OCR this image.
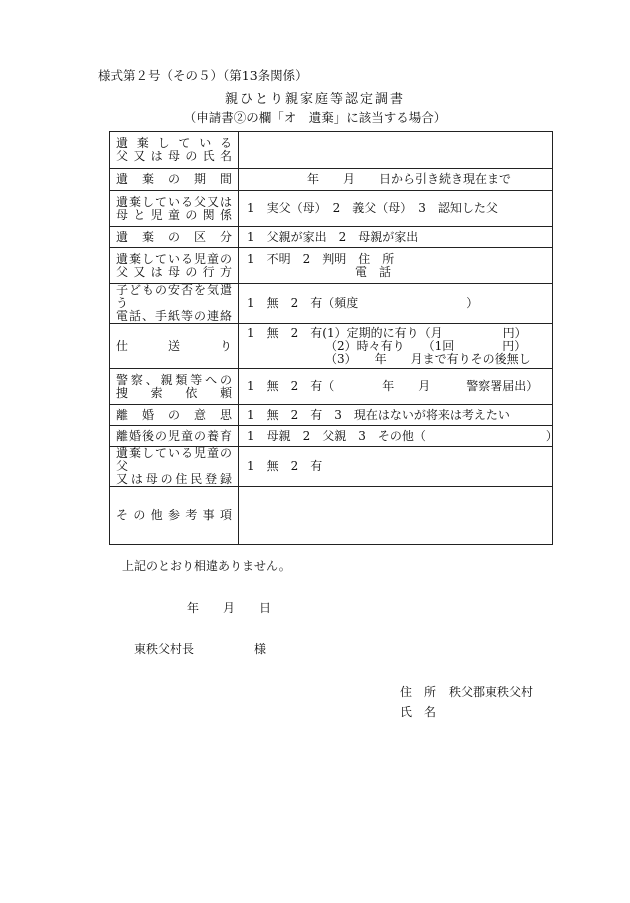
様式第２号（その５）（第13条関係）
親ひとり親家庭等認定調書
（申請書②の欄「オ　遺棄」に該当する場合）
遺棄している
父又は母の氏名	

遺棄の期間	　　　　　年　　月　　日から引き続き現在まで

遺棄している父又は
母と児童の関係	1　実父（母）　2　義父（母）　3　認知した父

遺棄の区分	1　父親が家出　2　母親が家出

遺棄している児童の
父又は母の行方	1　不明　2　判明　住　所
　　　　　　　　　電　話

子どもの安否を気遣う
電話、手紙等の連絡	1　無　2　有（頻度　　　　　　　　　）

仕送り	1　無　2　有(1）定期的に有り（月　　　　　円）
　　　　　　　（2）時々有り　　（1回　　　　円）
　　　　　　　（3）　　年　　月まで有りその後無し

警察、親類等への
捜索依頼	1　無　2　有（　　　　年　　月　　　警察署届出）

離婚の意思	1　無　2　有　3　現在はないが将来は考えたい

離婚後の児童の養育	1　母親　2　父親　3　その他（　　　　　　　　　　）

遺棄している児童の父
又は母の住民登録	1　無　2　有

その他参考事項	

上記のとおり相違ありません。
年　　月　　日
東秩父村長　　　　　様
住　所 秩父郡東秩父村
氏　名
